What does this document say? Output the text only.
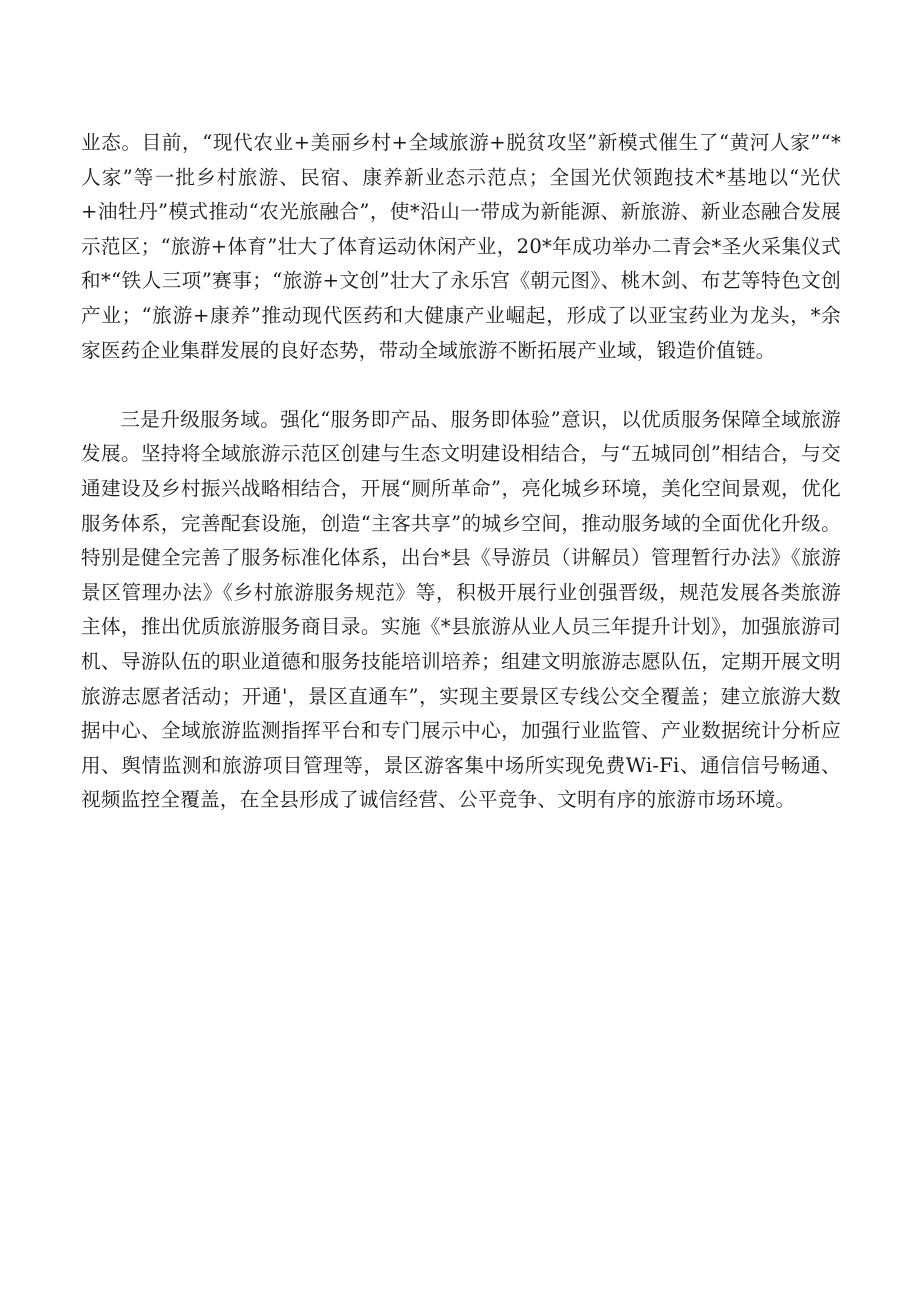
业态。目前，“现代农业+美丽乡村+全域旅游+脱贫攻坚”新模式催生了“黄河人家”“*人家”等一批乡村旅游、民宿、康养新业态示范点；全国光伏领跑技术*基地以“光伏+油牡丹”模式推动“农光旅融合”，使*沿山一带成为新能源、新旅游、新业态融合发展示范区；“旅游+体育”壮大了体育运动休闲产业，20*年成功举办二青会*圣火采集仪式和*“铁人三项”赛事；“旅游+文创”壮大了永乐宫《朝元图》、桃木剑、布艺等特色文创产业；“旅游+康养”推动现代医药和大健康产业崛起，形成了以亚宝药业为龙头，*余家医药企业集群发展的良好态势，带动全域旅游不断拓展产业域，锻造价值链。

三是升级服务域。强化“服务即产品、服务即体验”意识，以优质服务保障全域旅游发展。坚持将全域旅游示范区创建与生态文明建设相结合，与“五城同创”相结合，与交通建设及乡村振兴战略相结合，开展“厕所革命”，亮化城乡环境，美化空间景观，优化服务体系，完善配套设施，创造“主客共享”的城乡空间，推动服务域的全面优化升级。特别是健全完善了服务标准化体系，出台*县《导游员（讲解员）管理暂行办法》《旅游景区管理办法》《乡村旅游服务规范》等，积极开展行业创强晋级，规范发展各类旅游主体，推出优质旅游服务商目录。实施《*县旅游从业人员三年提升计划》，加强旅游司机、导游队伍的职业道德和服务技能培训培养；组建文明旅游志愿队伍，定期开展文明旅游志愿者活动；开通'，景区直通车”，实现主要景区专线公交全覆盖；建立旅游大数据中心、全域旅游监测指挥平台和专门展示中心，加强行业监管、产业数据统计分析应用、舆情监测和旅游项目管理等，景区游客集中场所实现免费Wi-Fi、通信信号畅通、视频监控全覆盖，在全县形成了诚信经营、公平竞争、文明有序的旅游市场环境。
